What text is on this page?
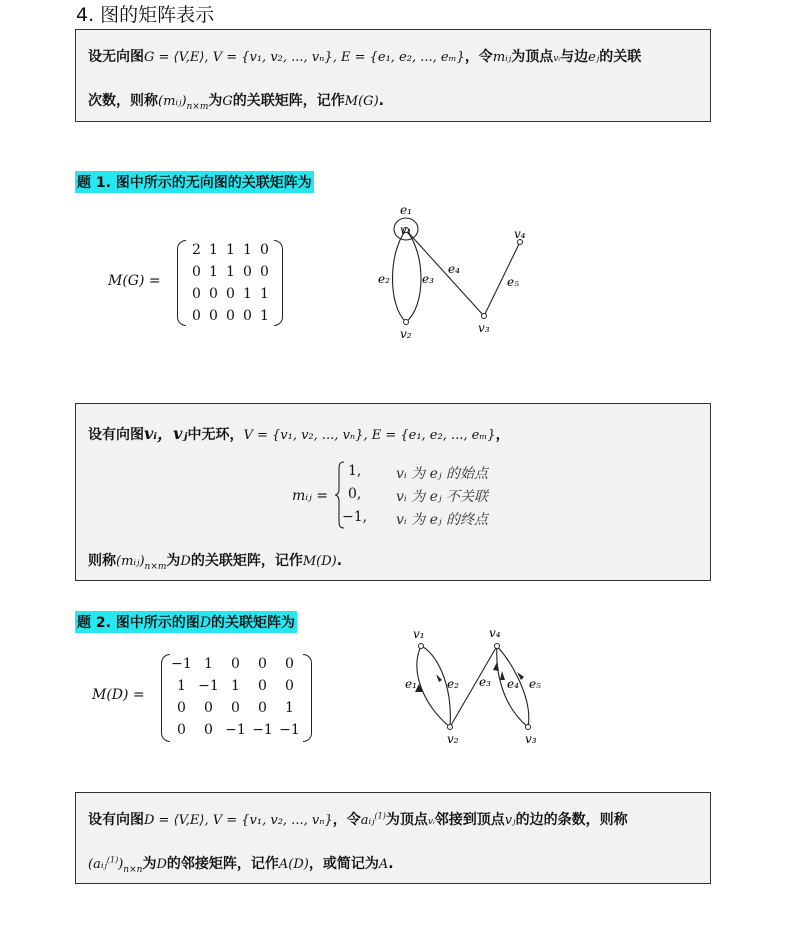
4. 图的矩阵表示
设无向图G = ⟨V,E⟩, V = {v₁, v₂, ..., vₙ}, E = {e₁, e₂, ..., eₘ}，令mᵢⱼ为顶点vᵢ与边eⱼ的关联
次数，则称$(mᵢⱼ)_{n\times m}$为G的关联矩阵，记作M(G).
题 1. 图中所示的无向图的关联矩阵为
M(G) =
2 1 1 1 0
0 1 1 0 0
0 0 0 1 1
0 0 0 0 1
e₁
v₁
e₂	e₃
e₄
v₄
e₅
v₂	v₃
设有向图vᵢ，vⱼ中无环，V = {v₁, v₂, ..., vₙ}, E = {e₁, e₂, ..., eₘ}，
mᵢⱼ =
1, vᵢ 为 eⱼ 的始点
0, vᵢ 为 eⱼ 不关联
−1, vᵢ 为 eⱼ 的终点
则称$(mᵢⱼ)_{n\times m}$为D的关联矩阵，记作M(D).
题 2. 图中所示的图D的关联矩阵为
M(D) =
−1 1	0	0	0
1 −1 1	0	0
0	0	0	0	1
0	0 −1 −1 −1
v₁	v₄
e₁	e₂ e₃ e₄ e₅
v₂	v₃
设有向图D = ⟨V,E⟩, V = {v₁, v₂, ..., vₙ}，令aᵢⱼ$^{(1)}$为顶点vᵢ邻接到顶点vⱼ的边的条数，则称
$(aᵢⱼ^{(1)})_{n\times n}$为D的邻接矩阵，记作A(D)，或简记为A.
